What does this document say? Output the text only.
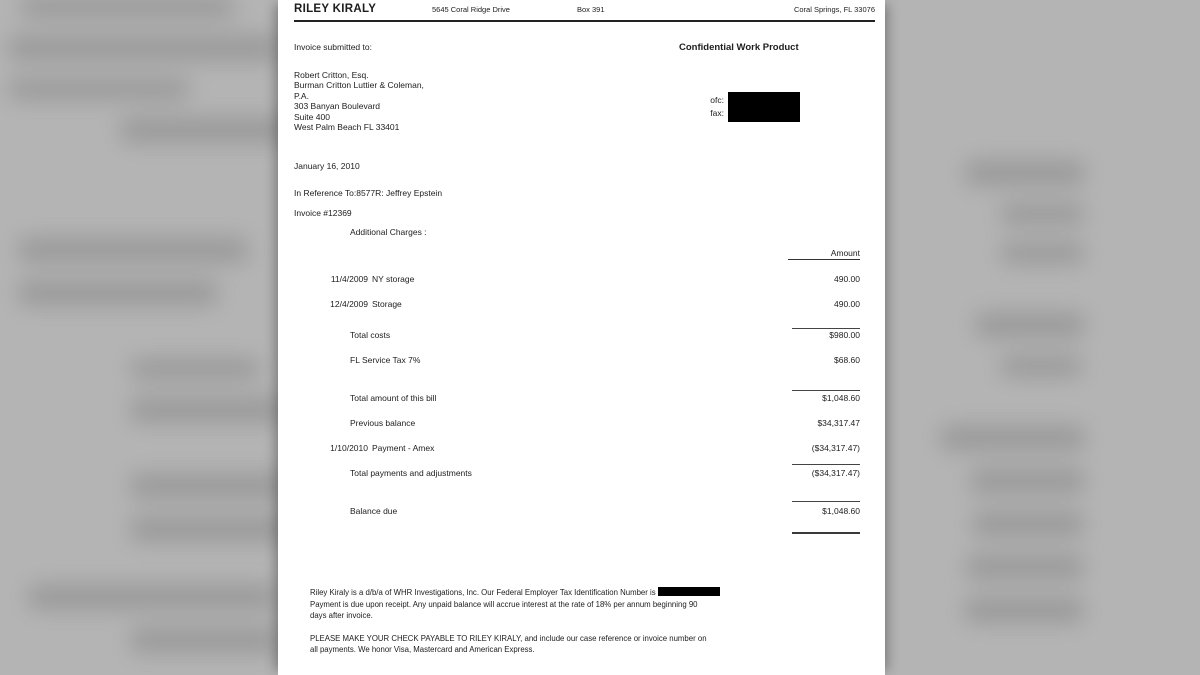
RILEY KIRALY	5645 Coral Ridge Drive	Box 391	Coral Springs, FL 33076
Invoice submitted to:	Confidential Work Product
Robert Critton, Esq.
Burman Critton Luttier & Coleman,
P.A.
303 Banyan Boulevard
Suite 400
West Palm Beach FL 33401
ofc:
fax:
January 16, 2010
In Reference To:8577R: Jeffrey Epstein
Invoice #12369
Additional Charges :
Amount
11/4/2009 NY storage	490.00
12/4/2009 Storage	490.00
Total costs	$980.00
FL Service Tax 7%	$68.60
Total amount of this bill	$1,048.60
Previous balance	$34,317.47
1/10/2010 Payment - Amex	($34,317.47)
Total payments and adjustments	($34,317.47)
Balance due	$1,048.60

Riley Kiraly is a d/b/a of WHR Investigations, Inc. Our Federal Employer Tax Identification Number is

Payment is due upon receipt. Any unpaid balance will accrue interest at the rate of 18% per annum beginning 90

days after invoice.

PLEASE MAKE YOUR CHECK PAYABLE TO RILEY KIRALY, and include our case reference or invoice number on

all payments. We honor Visa, Mastercard and American Express.
